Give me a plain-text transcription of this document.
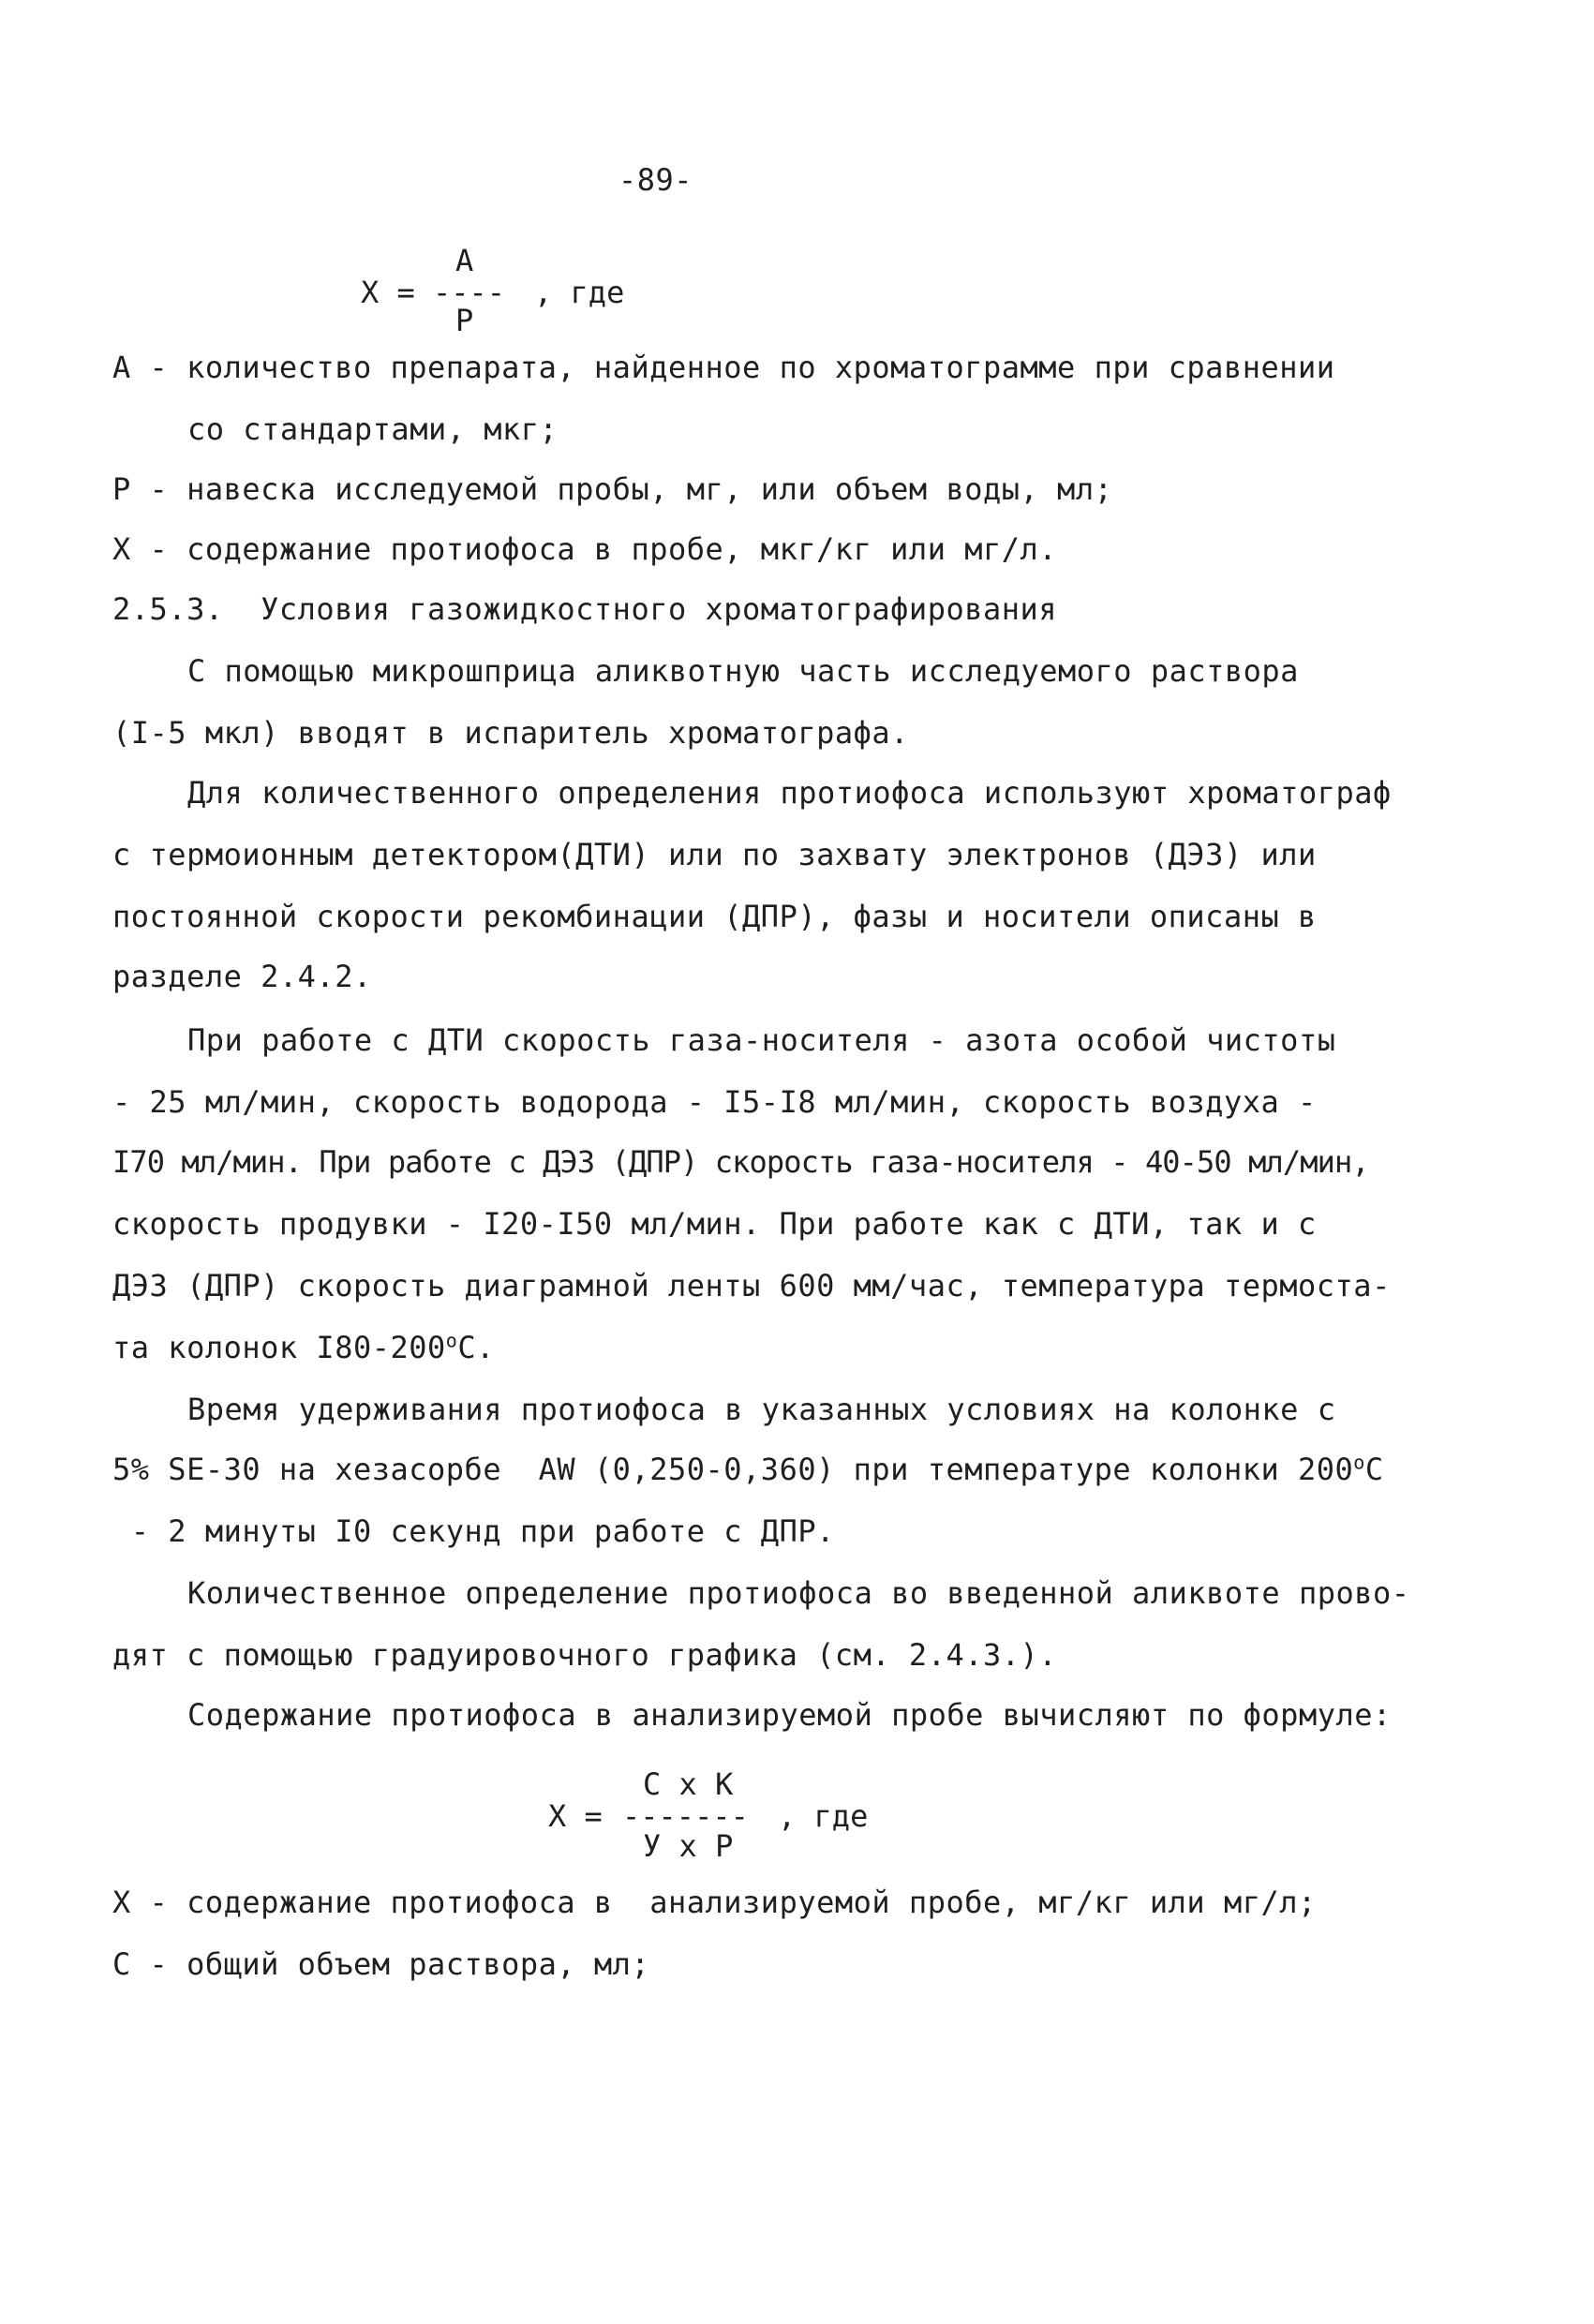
-89-
A
X = ---- , где
P
A - количество препарата, найденное по хроматограмме при сравнении
со стандартами, мкг;
P - навеска исследуемой пробы, мг, или объем воды, мл;
X - содержание протиофоса в пробе, мкг/кг или мг/л.
2.5.3.  Условия газожидкостного хроматографирования
С помощью микрошприца аликвотную часть исследуемого раствора
(I-5 мкл) вводят в испаритель хроматографа.
Для количественного определения протиофоса используют хроматограф
с термоионным детектором(ДТИ) или по захвату электронов (ДЭЗ) или
постоянной скорости рекомбинации (ДПР), фазы и носители описаны в
разделе 2.4.2.
При работе с ДТИ скорость газа-носителя - азота особой чистоты
- 25 мл/мин, скорость водорода - I5-I8 мл/мин, скорость воздуха -
I70 мл/мин. При работе с ДЭЗ (ДПР) скорость газа-носителя - 40-50 мл/мин,
скорость продувки - I20-I50 мл/мин. При работе как с ДТИ, так и с
ДЭЗ (ДПР) скорость диаграмной ленты 600 мм/час, температура термоста-
та колонок I80-200$^o$С.
Время удерживания протиофоса в указанных условиях на колонке с
5% SE-30 на хезасорбе  AW (0,250-0,360) при температуре колонки 200$^o$С
- 2 минуты I0 секунд при работе с ДПР.
Количественное определение протиофоса во введенной аликвоте прово-
дят с помощью градуировочного графика (см. 2.4.3.).
Содержание протиофоса в анализируемой пробе вычисляют по формуле:
C x K
X = ------- , где
У x P
X - содержание протиофоса в  анализируемой пробе, мг/кг или мг/л;
C - общий объем раствора, мл;
